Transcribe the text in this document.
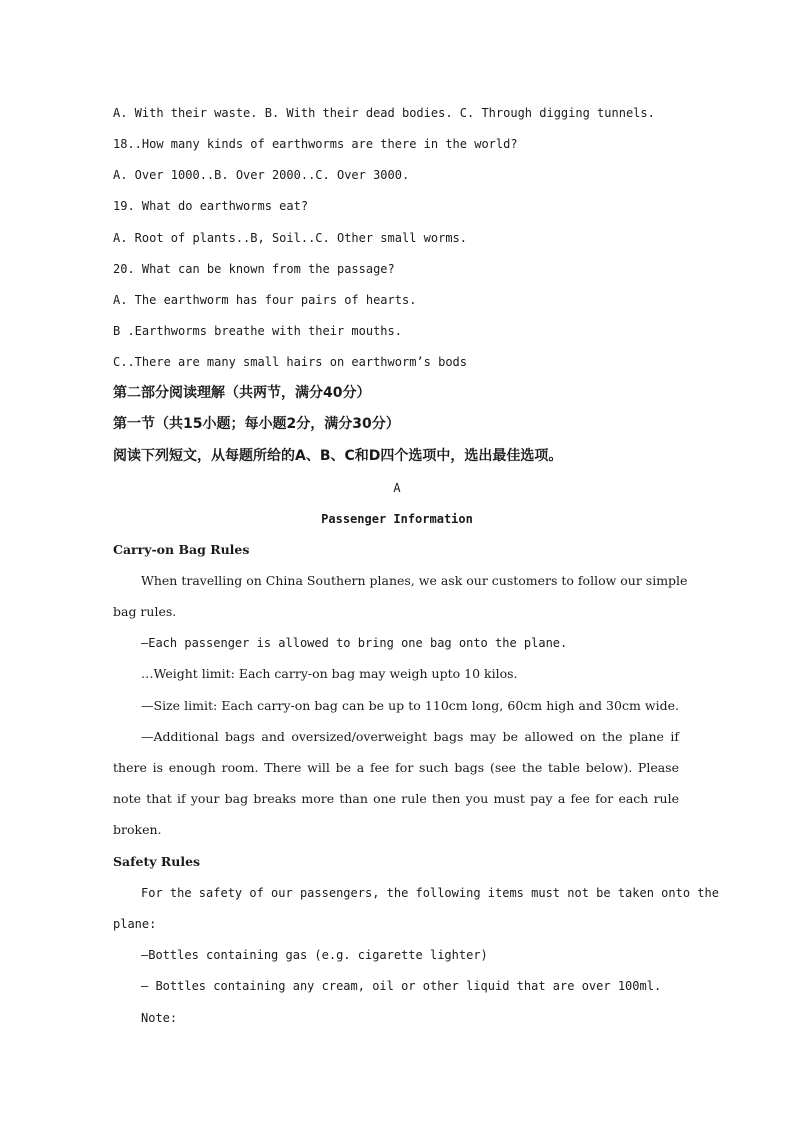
A. With their waste. B. With their dead bodies. C. Through digging tunnels.
18..How many kinds of earthworms are there in the world?
A. Over 1000..B. Over 2000..C. Over 3000.
19. What do earthworms eat?
A. Root of plants..B, Soil..C. Other small worms.
20. What can be known from the passage?
A. The earthworm has four pairs of hearts.
B .Earthworms breathe with their mouths.
C..There are many small hairs on earthworm’s bods
第二部分阅读理解（共两节，满分40分）
第一节（共15小题；每小题2分，满分30分）
阅读下列短文，从每题所给的A、B、C和D四个选项中，选出最佳选项。
A
Passenger Information
Carry-on Bag Rules
When travelling on China Southern planes, we ask our customers to follow our simple
bag rules.
—Each passenger is allowed to bring one bag onto the plane.
…Weight limit: Each carry-on bag may weigh upto 10 kilos.
—Size limit: Each carry-on bag can be up to 110cm long, 60cm high and 30cm wide.
—Additional bags and oversized/overweight bags may be allowed on the plane if
there is enough room. There will be a fee for such bags (see the table below). Please
note that if your bag breaks more than one rule then you must pay a fee for each rule
broken.
Safety Rules
For the safety of our passengers, the following items must not be taken onto the
plane:
—Bottles containing gas (e.g. cigarette lighter)
— Bottles containing any cream, oil or other liquid that are over 100ml.
Note:
